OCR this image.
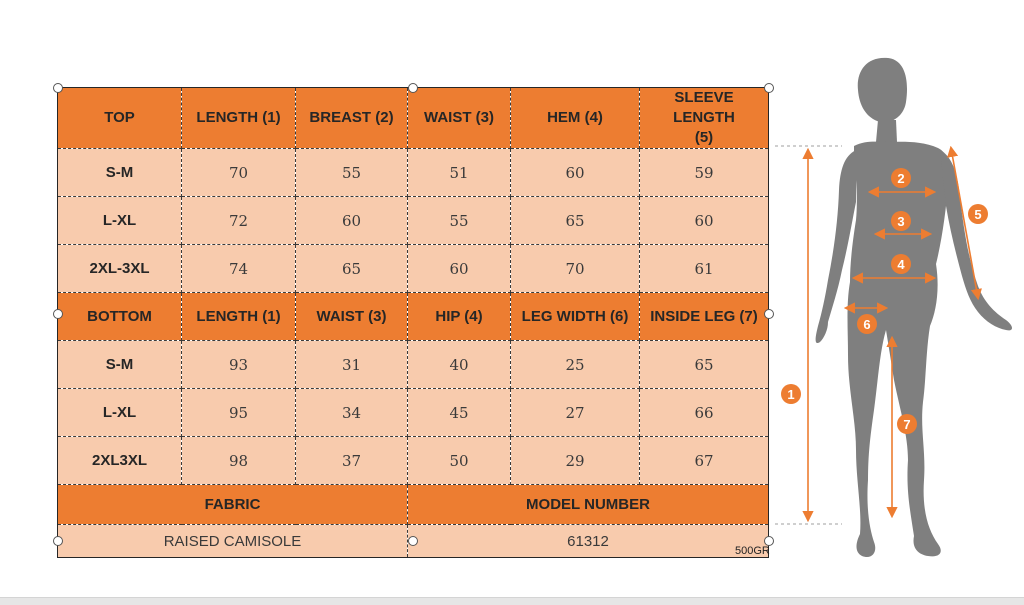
TOP	LENGTH (1)	BREAST (2)	WAIST (3)	HEM (4)	SLEEVE LENGTH (5)
S-M	70	55	51	60	59
L-XL	72	60	55	65	60
2XL-3XL	74	65	60	70	61
BOTTOM	LENGTH (1)	WAIST (3)	HIP (4)	LEG WIDTH (6)	INSIDE LEG (7)
S-M	93	31	40	25	65
L-XL	95	34	45	27	66
2XL3XL	98	37	50	29	67
FABRIC			MODEL NUMBER		
RAISED CAMISOLE			61312		
500GR
1
2
3
4
5
6
7
